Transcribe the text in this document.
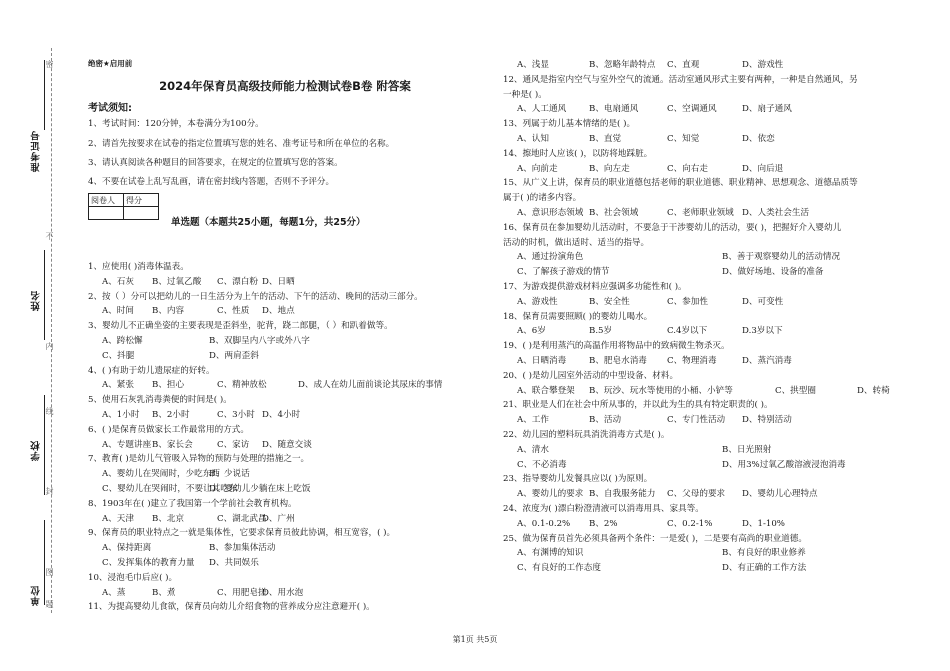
准考证号
姓名
学校
单位
密
不
内
线
封
图
题
绝密★启用前
2024年保育员高级技师能力检测试卷B卷 附答案
考试须知:
1、考试时间：120分钟，本卷满分为100分。
2、请首先按要求在试卷的指定位置填写您的姓名、准考证号和所在单位的名称。
3、请认真阅读各种题目的回答要求，在规定的位置填写您的答案。
4、不要在试卷上乱写乱画，请在密封线内答题，否则不予评分。
阅卷人	得分

单选题（本题共25小题，每题1分，共25分）
1、应使用( )消毒体温表。
A、石灰 B、过氧乙酸 C、漂白粉 D、日晒
2、按（ ）分可以把幼儿的一日生活分为上午的活动、下午的活动、晚间的活动三部分。
A、时间 B、内容	C、性质 D、地点
3、婴幼儿不正确坐姿的主要表现是歪斜坐，驼背，跷二郎腿，（ ）和趴着做等。
A、跨松懈	B、双脚呈内八字或外八字
C、抖腿	D、两肩歪斜
4、( )有助于幼儿遗尿症的好转。
A、紧张 B、担心	C、精神放松	D、成人在幼儿面前谈论其尿床的事情
5、使用石灰乳消毒粪便的时间是( )。
A、1小时 B、2小时	C、3小时 D、4小时
6、( )是保育员做家长工作最常用的方式。
A、专题讲座 B、家长会	C、家访 D、随意交谈
7、教育( )是幼儿气管吸入异物的预防与处理的措施之一。
A、婴幼儿在哭闹时，少吃东西
B、少说话
C、婴幼儿在哭闹时，不要让其吃东
D、婴幼儿少躺在床上吃饭
8、1903年在( )建立了我国第一个学前社会教育机构。
A、天津 B、北京	C、湖北武昌
D、广州
9、保育员的职业特点之一就是集体性，它要求保育员彼此协调，相互宽容，( )。
A、保持距离	B、参加集体活动
C、发挥集体的教育力量 D、共同娱乐
10、浸泡毛巾后应( )。
A、蒸	B、煮	C、用肥皂搓
D、用水泡
11、为提高婴幼儿食欲，保育员向幼儿介绍食物的营养成分应注意避开( )。
A、浅显	B、忽略年龄特点 C、直观	D、游戏性
12、通风是指室内空气与室外空气的流通。活动室通风形式主要有两种，一种是自然通风，另
一种是( )。
A、人工通风	B、电扇通风	C、空调通风	D、扇子通风
13、列属于幼儿基本情绪的是( )。
A、认知	B、直觉	C、知觉	D、依恋
14、擦地时人应该( )，以防将地踩脏。
A、向前走	B、向左走	C、向右走	D、向后退
15、从广义上讲，保育员的职业道德包括老师的职业道德、职业精神、思想观念、道德品质等
属于( )的诸多内容。
A、意识形态领域 B、社会领域	C、老师职业领域 D、人类社会生活
16、保育员在参加婴幼儿活动时，不要急于干涉婴幼儿的活动，要( )，把握好介入婴幼儿
活动的时机，做出适时、适当的指导。
A、通过扮演角色	B、善于观察婴幼儿的活动情况
C、了解孩子游戏的情节	D、做好场地、设备的准备
17、为游戏提供游戏材料应强调多功能性和( )。
A、游戏性	B、安全性	C、参加性	D、可变性
18、保育员需要照顾( )的婴幼儿喝水。
A、6岁	B.5岁	C.4岁以下	D.3岁以下
19、( )是利用蒸汽的高温作用将物品中的致病微生物杀灭。
A、日晒消毒	B、肥皂水消毒 C、物理消毒	D、蒸汽消毒
20、( )是幼儿园室外活动的中型设备、材料。
A、联合攀登架 B、玩沙、玩水等使用的小桶、小铲等	C、拱型圈	D、转椅
21、职业是人们在社会中所从事的，并以此为生的具有特定职责的( )。
A、工作	B、活动	C、专门性活动 D、特别活动
22、幼儿园的塑料玩具消洗消毒方式是( )。
A、清水	B、日光照射
C、不必消毒	D、用3%过氧乙酸溶液浸泡消毒
23、指导婴幼儿发餐具应以( )为原则。
A、婴幼儿的要求 B、自我服务能力 C、父母的要求 D、婴幼儿心理特点
24、浓度为( )漂白粉澄清液可以消毒用具、家具等。
A、0.1-0.2% B、2%	C、0.2-1%	D、1-10%
25、做为保育员首先必须具备两个条件：一是爱( )，二是要有高尚的职业道德。
A、有渊博的知识	B、有良好的职业修养
C、有良好的工作态度	D、有正确的工作方法
第1页 共5页
